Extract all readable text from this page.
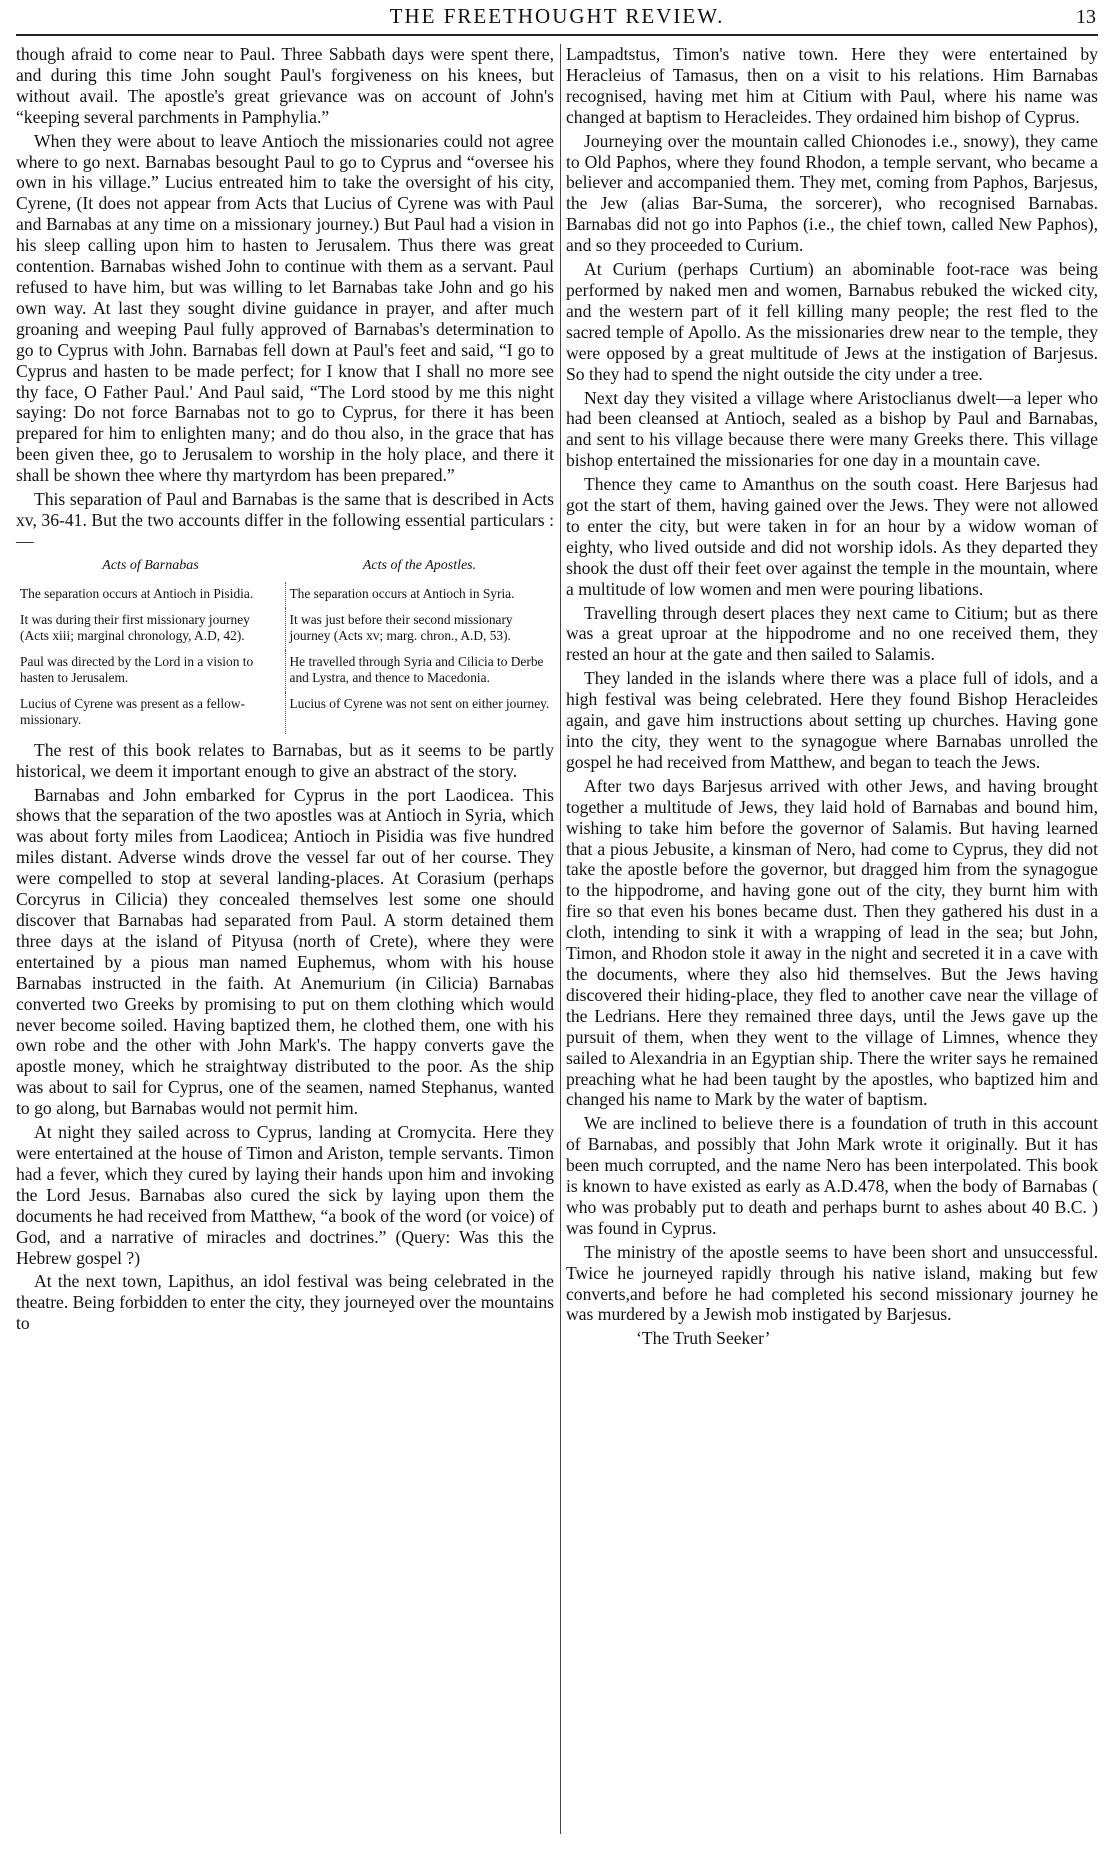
THE FREETHOUGHT REVIEW.	13

though afraid to come near to Paul. Three Sabbath days were spent there, and during this time John sought Paul's forgiveness on his knees, but without avail. The apostle's great grievance was on account of John's “keeping several parchments in Pamphylia.”

When they were about to leave Antioch the missionaries could not agree where to go next. Barnabas besought Paul to go to Cyprus and “oversee his own in his village.” Lucius entreated him to take the oversight of his city, Cyrene, (It does not appear from Acts that Lucius of Cyrene was with Paul and Barnabas at any time on a missionary journey.) But Paul had a vision in his sleep calling upon him to hasten to Jerusalem. Thus there was great contention. Barnabas wished John to continue with them as a servant. Paul refused to have him, but was willing to let Barnabas take John and go his own way. At last they sought divine guidance in prayer, and after much groaning and weeping Paul fully approved of Barnabas's determination to go to Cyprus with John. Barnabas fell down at Paul's feet and said, “I go to Cyprus and hasten to be made perfect; for I know that I shall no more see thy face, O Father Paul.' And Paul said, “The Lord stood by me this night saying: Do not force Barnabas not to go to Cyprus, for there it has been prepared for him to enlighten many; and do thou also, in the grace that has been given thee, go to Jerusalem to worship in the holy place, and there it shall be shown thee where thy martyrdom has been prepared.”

This separation of Paul and Barnabas is the same that is described in Acts xv, 36-41. But the two accounts differ in the following essential particulars :—

Acts of Barnabas	Acts of the Apostles.
The separation occurs at Antioch in Pisidia.	The separation occurs at Antioch in Syria.
It was during their first missionary journey (Acts xiii; marginal chronology, A.D, 42).	It was just before their second missionary journey (Acts xv; marg. chron., A.D, 53).
Paul was directed by the Lord in a vision to hasten to Jerusalem.	He travelled through Syria and Cilicia to Derbe and Lystra, and thence to Macedonia.
Lucius of Cyrene was present as a fellow-missionary.	Lucius of Cyrene was not sent on either journey.

The rest of this book relates to Barnabas, but as it seems to be partly historical, we deem it important enough to give an abstract of the story.

Barnabas and John embarked for Cyprus in the port Laodicea. This shows that the separation of the two apostles was at Antioch in Syria, which was about forty miles from Laodicea; Antioch in Pisidia was five hundred miles distant. Adverse winds drove the vessel far out of her course. They were compelled to stop at several landing-places. At Corasium (perhaps Corcyrus in Cilicia) they concealed themselves lest some one should discover that Barnabas had separated from Paul. A storm detained them three days at the island of Pityusa (north of Crete), where they were entertained by a pious man named Euphemus, whom with his house Barnabas instructed in the faith. At Anemurium (in Cilicia) Barnabas converted two Greeks by promising to put on them clothing which would never become soiled. Having baptized them, he clothed them, one with his own robe and the other with John Mark's. The happy converts gave the apostle money, which he straightway distributed to the poor. As the ship was about to sail for Cyprus, one of the seamen, named Stephanus, wanted to go along, but Barnabas would not permit him.

At night they sailed across to Cyprus, landing at Cromycita. Here they were entertained at the house of Timon and Ariston, temple servants. Timon had a fever, which they cured by laying their hands upon him and invoking the Lord Jesus. Barnabas also cured the sick by laying upon them the documents he had received from Matthew, “a book of the word (or voice) of God, and a narrative of miracles and doctrines.” (Query: Was this the Hebrew gospel ?)

At the next town, Lapithus, an idol festival was being celebrated in the theatre. Being forbidden to enter the city, they journeyed over the mountains to

Lampadtstus, Timon's native town. Here they were entertained by Heracleius of Tamasus, then on a visit to his relations. Him Barnabas recognised, having met him at Citium with Paul, where his name was changed at baptism to Heracleides. They ordained him bishop of Cyprus.

Journeying over the mountain called Chionodes i.e., snowy), they came to Old Paphos, where they found Rhodon, a temple servant, who became a believer and accompanied them. They met, coming from Paphos, Barjesus, the Jew (alias Bar-Suma, the sorcerer), who recognised Barnabas. Barnabas did not go into Paphos (i.e., the chief town, called New Paphos), and so they proceeded to Curium.

At Curium (perhaps Curtium) an abominable foot-race was being performed by naked men and women, Barnabus rebuked the wicked city, and the western part of it fell killing many people; the rest fled to the sacred temple of Apollo. As the missionaries drew near to the temple, they were opposed by a great multitude of Jews at the instigation of Barjesus. So they had to spend the night outside the city under a tree.

Next day they visited a village where Aristoclianus dwelt—a leper who had been cleansed at Antioch, sealed as a bishop by Paul and Barnabas, and sent to his village because there were many Greeks there. This village bishop entertained the missionaries for one day in a mountain cave.

Thence they came to Amanthus on the south coast. Here Barjesus had got the start of them, having gained over the Jews. They were not allowed to enter the city, but were taken in for an hour by a widow woman of eighty, who lived outside and did not worship idols. As they departed they shook the dust off their feet over against the temple in the mountain, where a multitude of low women and men were pouring libations.

Travelling through desert places they next came to Citium; but as there was a great uproar at the hippodrome and no one received them, they rested an hour at the gate and then sailed to Salamis.

They landed in the islands where there was a place full of idols, and a high festival was being celebrated. Here they found Bishop Heracleides again, and gave him instructions about setting up churches. Having gone into the city, they went to the synagogue where Barnabas unrolled the gospel he had received from Matthew, and began to teach the Jews.

After two days Barjesus arrived with other Jews, and having brought together a multitude of Jews, they laid hold of Barnabas and bound him, wishing to take him before the governor of Salamis. But having learned that a pious Jebusite, a kinsman of Nero, had come to Cyprus, they did not take the apostle before the governor, but dragged him from the synagogue to the hippodrome, and having gone out of the city, they burnt him with fire so that even his bones became dust. Then they gathered his dust in a cloth, intending to sink it with a wrapping of lead in the sea; but John, Timon, and Rhodon stole it away in the night and secreted it in a cave with the documents, where they also hid themselves. But the Jews having discovered their hiding-place, they fled to another cave near the village of the Ledrians. Here they remained three days, until the Jews gave up the pursuit of them, when they went to the village of Limnes, whence they sailed to Alexandria in an Egyptian ship. There the writer says he remained preaching what he had been taught by the apostles, who baptized him and changed his name to Mark by the water of baptism.

We are inclined to believe there is a foundation of truth in this account of Barnabas, and possibly that John Mark wrote it originally. But it has been much corrupted, and the name Nero has been interpolated. This book is known to have existed as early as A.D.478, when the body of Barnabas ( who was probably put to death and perhaps burnt to ashes about 40 B.C. ) was found in Cyprus.

The ministry of the apostle seems to have been short and unsuccessful. Twice he journeyed rapidly through his native island, making but few converts,and before he had completed his second missionary journey he was murdered by a Jewish mob instigated by Barjesus.

‘The Truth Seeker’
